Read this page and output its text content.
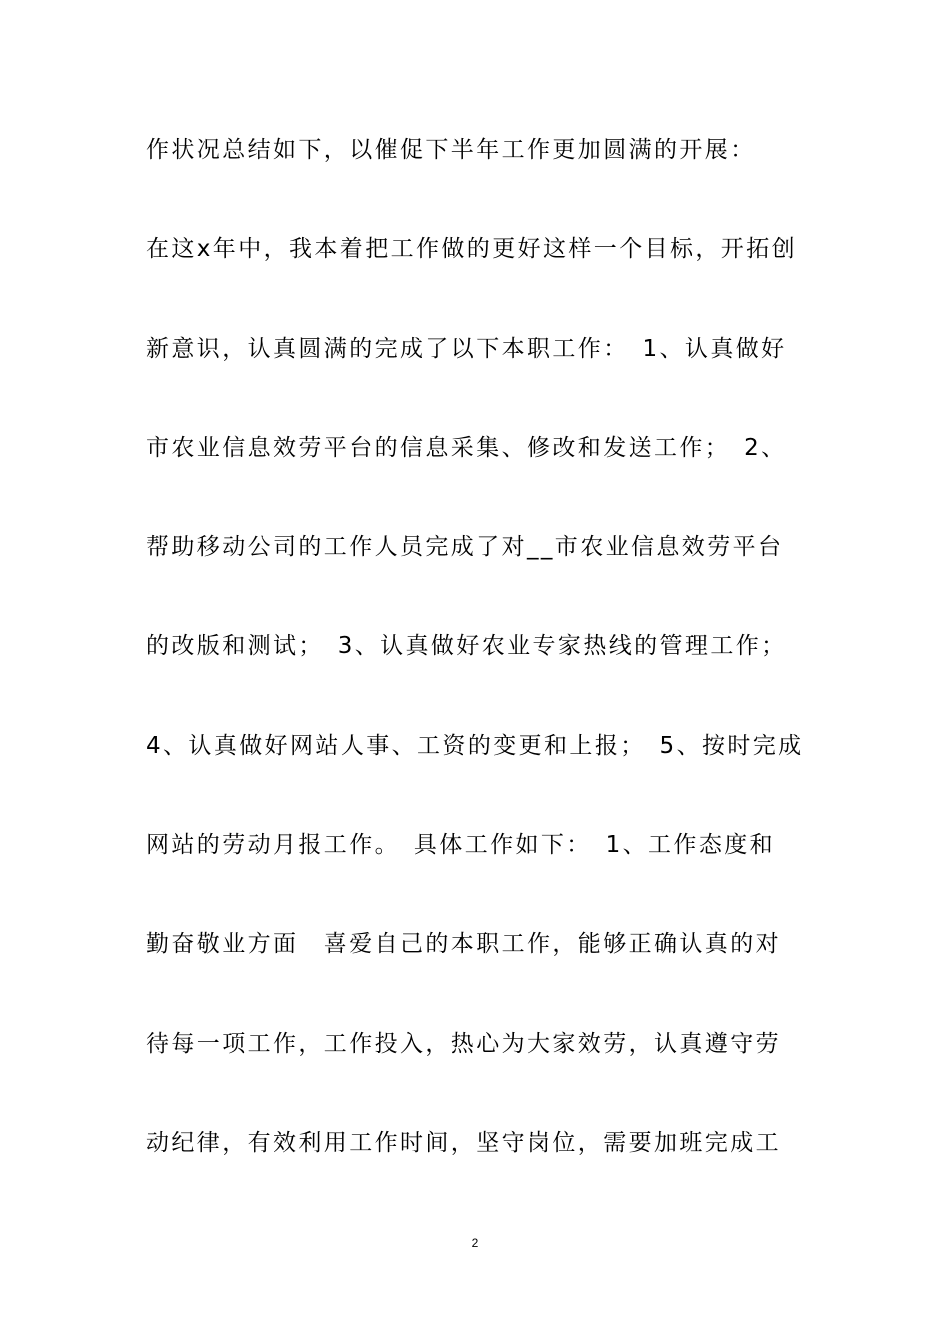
作状况总结如下，以催促下半年工作更加圆满的开展：
在这x年中，我本着把工作做的更好这样一个目标，开拓创
新意识，认真圆满的完成了以下本职工作：　1、认真做好
市农业信息效劳平台的信息采集、修改和发送工作；　2、
帮助移动公司的工作人员完成了对__市农业信息效劳平台
的改版和测试；　3、认真做好农业专家热线的管理工作；
4、认真做好网站人事、工资的变更和上报；　5、按时完成
网站的劳动月报工作。　具体工作如下：　1、工作态度和
勤奋敬业方面　喜爱自己的本职工作，能够正确认真的对
待每一项工作，工作投入，热心为大家效劳，认真遵守劳
动纪律，有效利用工作时间，坚守岗位，需要加班完成工
2
